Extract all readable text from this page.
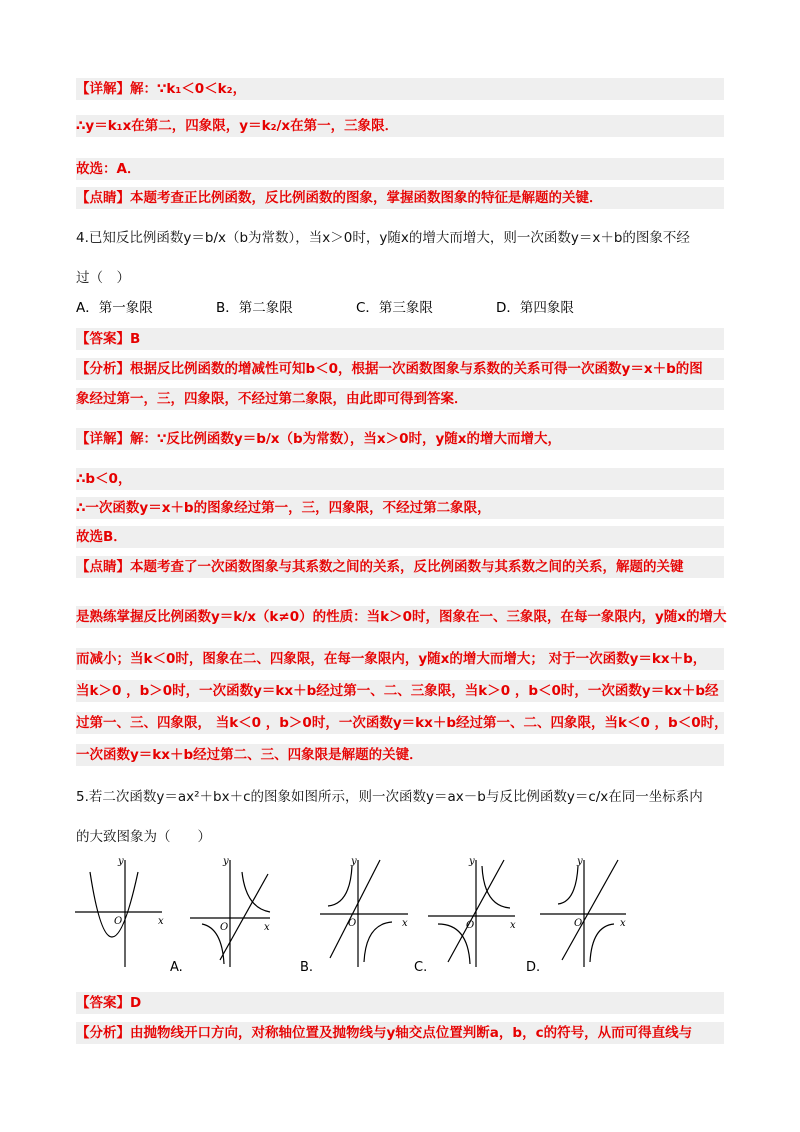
【详解】解：∵k₁＜0＜k₂，
∴y＝k₁x在第二，四象限，y＝k₂/x在第一，三象限．
故选：A．
【点睛】本题考查正比例函数，反比例函数的图象，掌握函数图象的特征是解题的关键．
4.已知反比例函数y＝b/x（b为常数），当x＞0时，y随x的增大而增大，则一次函数y＝x＋b的图象不经
过（　）
A．第一象限	B．第二象限	C．第三象限	D．第四象限
【答案】B
【分析】根据反比例函数的增减性可知b＜0，根据一次函数图象与系数的关系可得一次函数y＝x＋b的图
象经过第一，三，四象限，不经过第二象限，由此即可得到答案．
【详解】解：∵反比例函数y＝b/x（b为常数），当x＞0时，y随x的增大而增大，
∴b＜0，
∴一次函数y＝x＋b的图象经过第一，三，四象限，不经过第二象限，
故选B．
【点睛】本题考查了一次函数图象与其系数之间的关系，反比例函数与其系数之间的关系，解题的关键
是熟练掌握反比例函数y＝k/x（k≠0）的性质：当k＞0时，图象在一、三象限，在每一象限内，y随x的增大
而减小；当k＜0时，图象在二、四象限，在每一象限内，y随x的增大而增大； 对于一次函数y＝kx＋b，
当k＞0 ，b＞0时，一次函数y＝kx＋b经过第一、二、三象限，当k＞0 ，b＜0时，一次函数y＝kx＋b经
过第一、三、四象限， 当k＜0 ，b＞0时，一次函数y＝kx＋b经过第一、二、四象限，当k＜0 ，b＜0时，
一次函数y＝kx＋b经过第二、三、四象限是解题的关键．
5.若二次函数y＝ax²＋bx＋c的图象如图所示，则一次函数y＝ax－b与反比例函数y＝c/x在同一坐标系内
的大致图象为（　　）
y
x
O
y
x
O
y
x
O
y
x
O
y
x
O
A.	B.	C.	D.
【答案】D
【分析】由抛物线开口方向，对称轴位置及抛物线与y轴交点位置判断a，b，c的符号，从而可得直线与
